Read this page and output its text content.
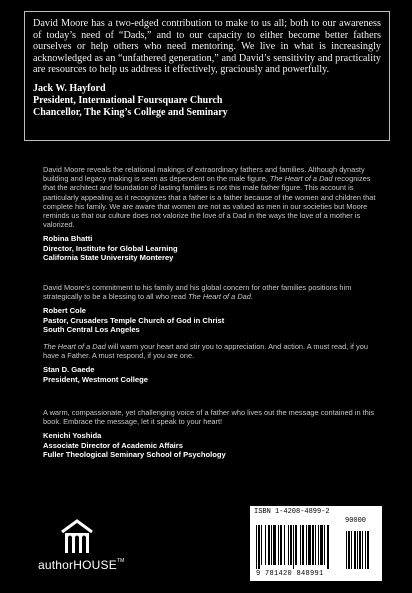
David Moore has a two-edged contribution to make to us all; both to our awareness of today’s need of “Dads,” and to our capacity to either become better fathers ourselves or help others who need mentoring. We live in what is increasingly acknowledged as an “unfathered generation,” and David’s sensitivity and practicality are resources to help us address it effectively, graciously and powerfully.

Jack W. Hayford
President, International Foursquare Church
Chancellor, The King’s College and Seminary

David Moore reveals the relational makings of extraordinary fathers and families. Although dynasty building and legacy making is seen as dependent on the male figure, The Heart of a Dad recognizes that the architect and foundation of lasting families is not this male father figure. This account is particularly appealing as it recognizes that a father is a father because of the women and children that complete his family. We are aware that women are not as valued as men in our societies but Moore reminds us that our culture does not valorize the love of a Dad in the ways the love of a mother is valorized.

Robina Bhatti
Director, Institute for Global Learning
California State University Monterey

David Moore’s commitment to his family and his global concern for other families positions him strategically to be a blessing to all who read The Heart of a Dad.

Robert Cole
Pastor, Crusaders Temple Church of God in Christ
South Central Los Angeles

The Heart of a Dad will warm your heart and stir you to appreciation. And action. A must read, if you have a Father. A must respond, if you are one.

Stan D. Gaede
President, Westmont College

A warm, compassionate, yet challenging voice of a father who lives out the message contained in this book. Embrace the message, let it speak to your heart!

Kenichi Yoshida
Associate Director of Academic Affairs
Fuller Theological Seminary School of Psychology
authorHOUSE™
ISBN 1-4208-4899-2
90000
9 781420 848991
